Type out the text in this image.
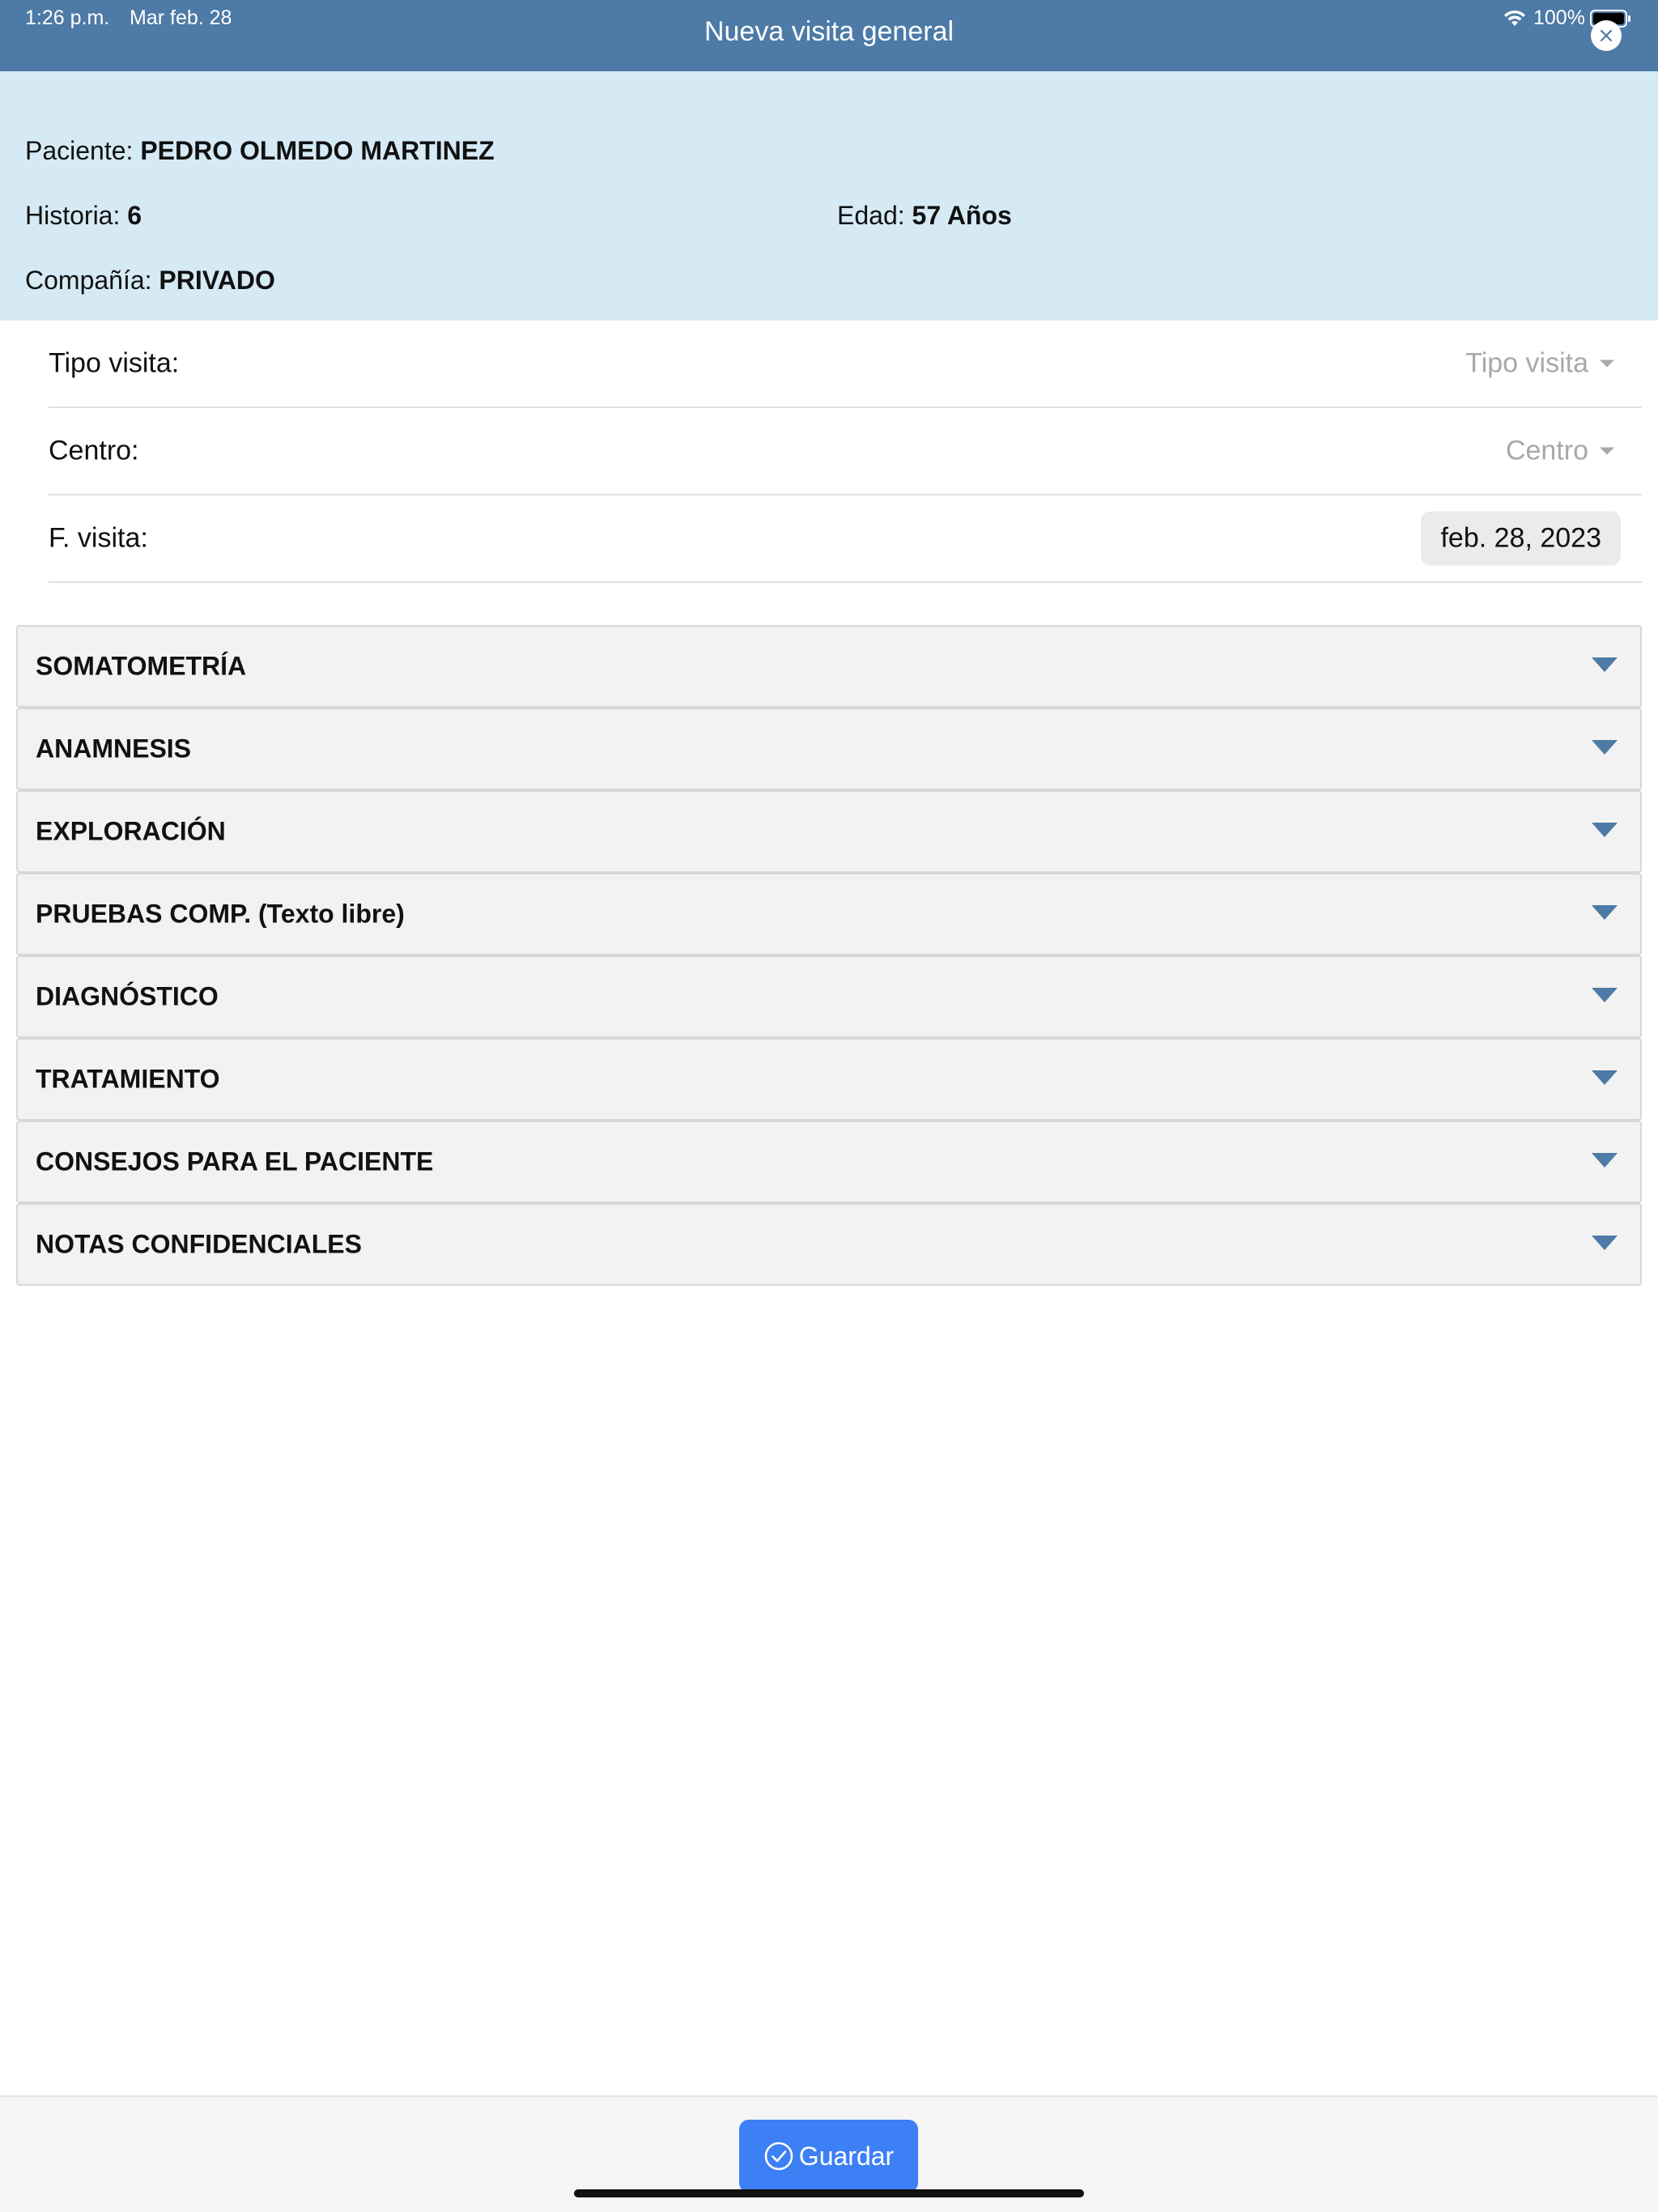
1:26 p.m. Mar feb. 28	Nueva visita general	100%
Paciente: PEDRO OLMEDO MARTINEZ
Historia: 6	Edad: 57 Años
Compañía: PRIVADO
Tipo visita:	Tipo visita
Centro:	Centro
F. visita:	feb. 28, 2023
SOMATOMETRÍA
ANAMNESIS
EXPLORACIÓN
PRUEBAS COMP. (Texto libre)
DIAGNÓSTICO
TRATAMIENTO
CONSEJOS PARA EL PACIENTE
NOTAS CONFIDENCIALES
Guardar
